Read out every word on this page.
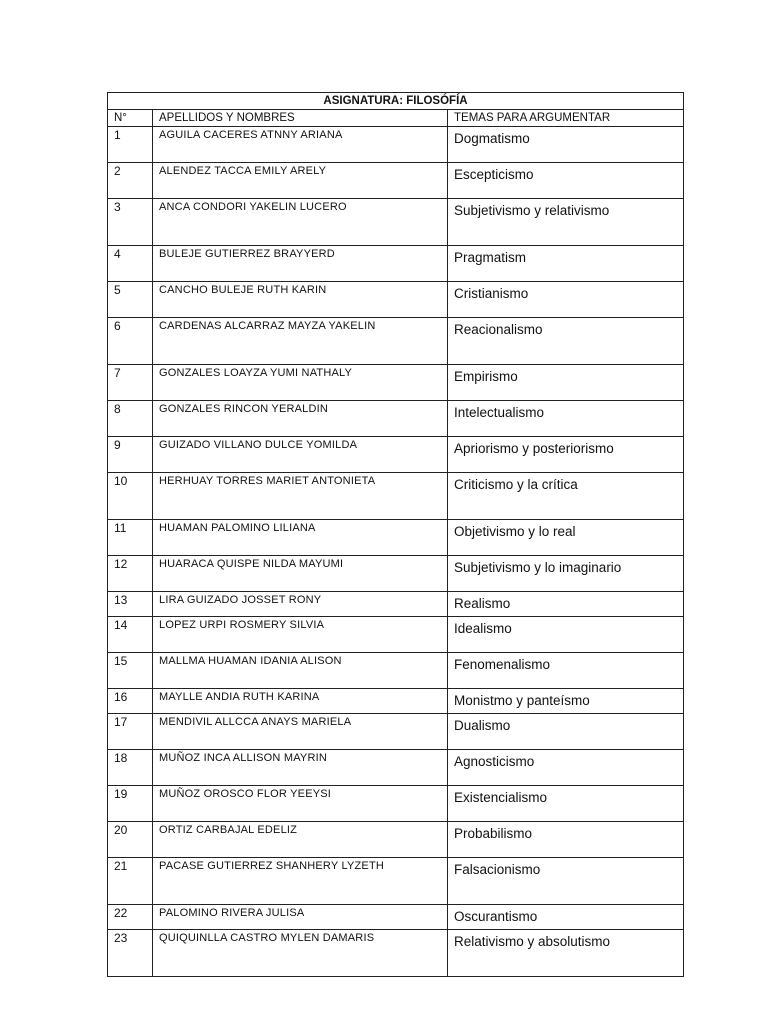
ASIGNATURA: FILOSÓFÍA		
N°	APELLIDOS Y NOMBRES	TEMAS PARA ARGUMENTAR
1	AGUILA CACERES ATNNY ARIANA	Dogmatismo
2	ALENDEZ TACCA EMILY ARELY	Escepticismo
3	ANCA CONDORI YAKELIN LUCERO	Subjetivismo y relativismo
4	BULEJE GUTIERREZ BRAYYERD	Pragmatism
5	CANCHO BULEJE RUTH KARIN	Cristianismo
6	CARDENAS ALCARRAZ MAYZA YAKELIN	Reacionalismo
7	GONZALES LOAYZA YUMI NATHALY	Empirismo
8	GONZALES RINCON YERALDIN	Intelectualismo
9	GUIZADO VILLANO DULCE YOMILDA	Apriorismo y posteriorismo
10	HERHUAY TORRES MARIET ANTONIETA	Criticismo y la crítica
11	HUAMAN PALOMINO LILIANA	Objetivismo y lo real
12	HUARACA QUISPE NILDA MAYUMI	Subjetivismo y lo imaginario
13	LIRA GUIZADO JOSSET RONY	Realismo
14	LOPEZ URPI ROSMERY SILVIA	Idealismo
15	MALLMA HUAMAN IDANIA ALISON	Fenomenalismo
16	MAYLLE ANDIA RUTH KARINA	Monistmo y panteísmo
17	MENDIVIL ALLCCA ANAYS MARIELA	Dualismo
18	MUÑOZ INCA ALLISON MAYRIN	Agnosticismo
19	MUÑOZ OROSCO FLOR YEEYSI	Existencialismo
20	ORTIZ CARBAJAL EDELIZ	Probabilismo
21	PACASE GUTIERREZ SHANHERY LYZETH	Falsacionismo
22	PALOMINO RIVERA JULISA	Oscurantismo
23	QUIQUINLLA CASTRO MYLEN DAMARIS	Relativismo y absolutismo
